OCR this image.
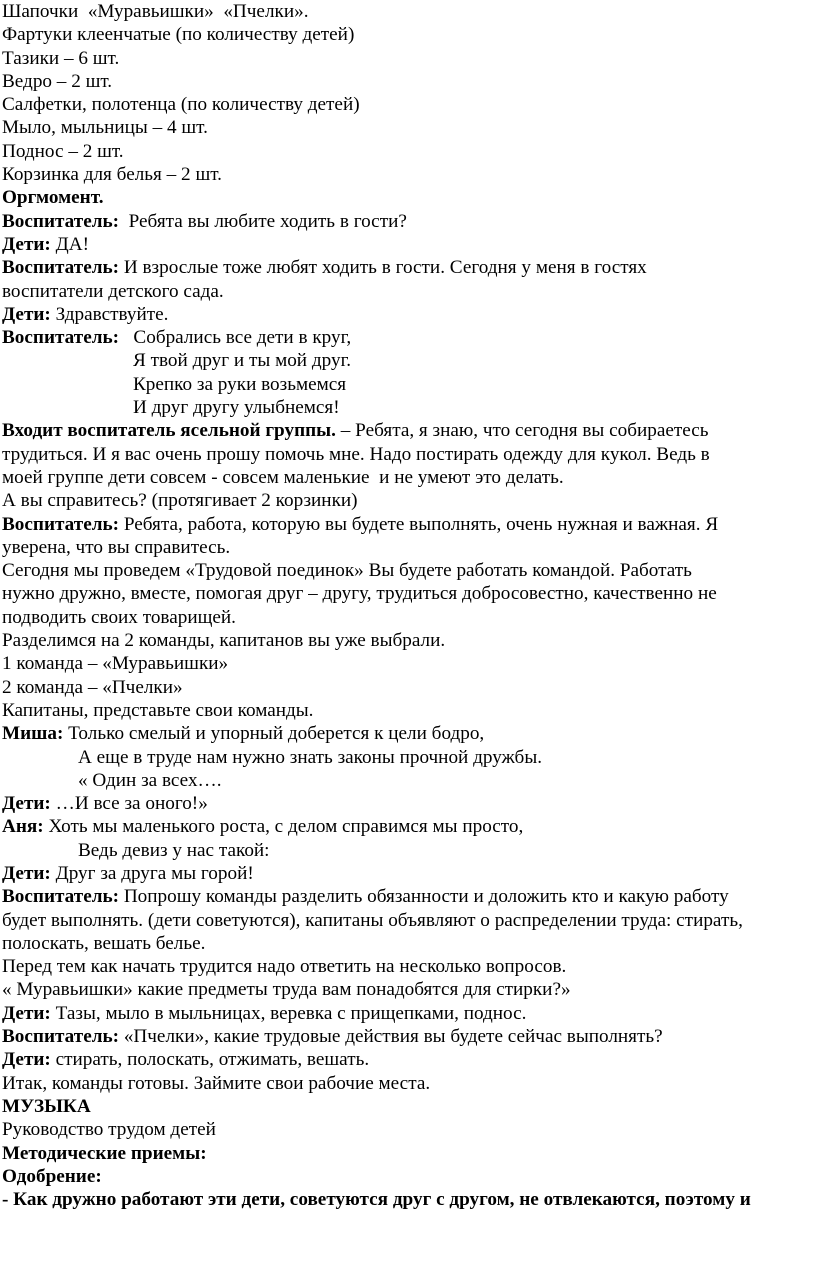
Шапочки  «Муравьишки»  «Пчелки».

Фартуки клеенчатые (по количеству детей)

Тазики – 6 шт.

Ведро – 2 шт.

Салфетки, полотенца (по количеству детей)

Мыло, мыльницы – 4 шт.

Поднос – 2 шт.

Корзинка для белья – 2 шт.

Оргмомент.

Воспитатель:  Ребята вы любите ходить в гости?

Дети: ДА!

Воспитатель: И взрослые тоже любят ходить в гости. Сегодня у меня в гостях

воспитатели детского сада.

Дети: Здравствуйте.

Воспитатель:   Собрались все дети в круг,

Я твой друг и ты мой друг.

Крепко за руки возьмемся

И друг другу улыбнемся!

Входит воспитатель ясельной группы. – Ребята, я знаю, что сегодня вы собираетесь

трудиться. И я вас очень прошу помочь мне. Надо постирать одежду для кукол. Ведь в

моей группе дети совсем - совсем маленькие  и не умеют это делать.

А вы справитесь? (протягивает 2 корзинки)

Воспитатель: Ребята, работа, которую вы будете выполнять, очень нужная и важная. Я

уверена, что вы справитесь.

Сегодня мы проведем «Трудовой поединок» Вы будете работать командой. Работать

нужно дружно, вместе, помогая друг – другу, трудиться добросовестно, качественно не

подводить своих товарищей.

Разделимся на 2 команды, капитанов вы уже выбрали.

1 команда – «Муравьишки»

2 команда – «Пчелки»

Капитаны, представьте свои команды.

Миша: Только смелый и упорный доберется к цели бодро,

А еще в труде нам нужно знать законы прочной дружбы.

« Один за всех….

Дети: …И все за оного!»

Аня: Хоть мы маленького роста, с делом справимся мы просто,

Ведь девиз у нас такой:

Дети: Друг за друга мы горой!

Воспитатель: Попрошу команды разделить обязанности и доложить кто и какую работу

будет выполнять. (дети советуются), капитаны объявляют о распределении труда: стирать,

полоскать, вешать белье.

Перед тем как начать трудится надо ответить на несколько вопросов.

« Муравьишки» какие предметы труда вам понадобятся для стирки?»

Дети: Тазы, мыло в мыльницах, веревка с прищепками, поднос.

Воспитатель: «Пчелки», какие трудовые действия вы будете сейчас выполнять?

Дети: стирать, полоскать, отжимать, вешать.

Итак, команды готовы. Займите свои рабочие места.

МУЗЫКА

Руководство трудом детей

Методические приемы:

Одобрение:

- Как дружно работают эти дети, советуются друг с другом, не отвлекаются, поэтому и
